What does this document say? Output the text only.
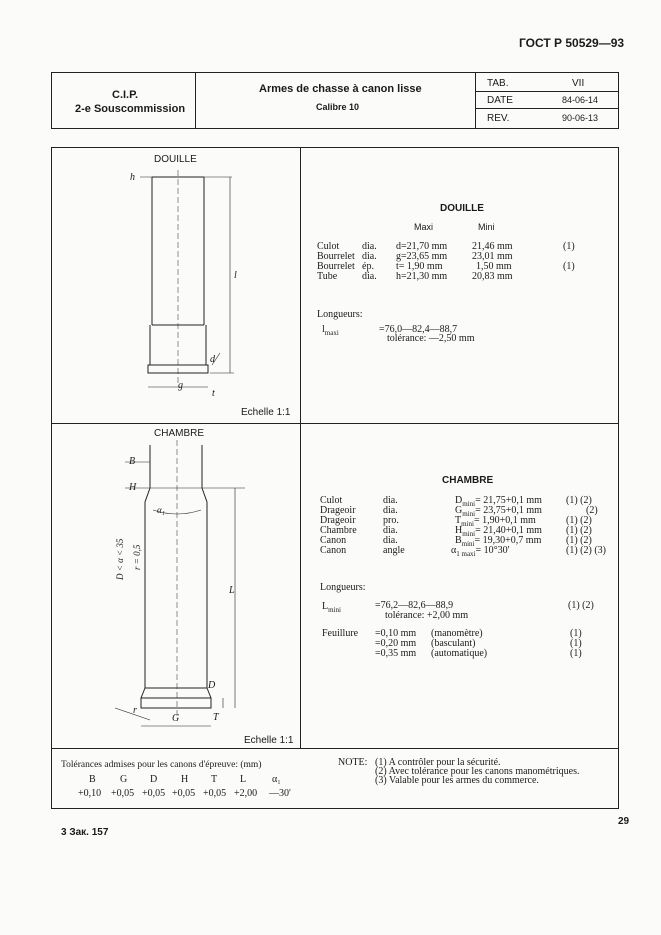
ГОСТ Р 50529—93
C.I.P.
2-e Souscommission
Armes de chasse à canon lisse
Calibre 10
TAB.	VII
DATE	84-06-14
REV.	90-06-13
DOUILLE
h
l
d
g
t
Echelle 1:1
DOUILLE
Maxi	Mini
Culot dia. d=21,70 mm 21,46 mm	(1)
Bourrelet dia. g=23,65 mm 23,01 mm
Bourrelet ép. t= 1,90 mm	1,50 mm	(1)
Tube dia. h=21,30 mm 20,83 mm
Longueurs:
$l_{maxi}$	=76,0—82,4—88,7
tolérance: —2,50 mm
CHAMBRE
B
H
α₁
L
D
G	T
r
D < α < 35 r = 0,5
Echelle 1:1
CHAMBRE
Culot	dia.	$D_{mini}= 21,75+0,1$ mm (1) (2)
Drageoir	dia.	$G_{mini}= 23,75+0,1$ mm	(2)
Drageoir	pro.	$T_{mini}= 1,90+0,1$ mm	(1) (2)
Chambre	dia.	$H_{mini}= 21,40+0,1$ mm (1) (2)
Canon	dia.	$B_{mini}= 19,30+0,7$ mm (1) (2)
Canon	angle	$\alpha_{1 maxi}= 10^\circ 30'$	(1) (2) (3)
Longueurs:
$L_{mini}$	=76,2—82,6—88,9	(1) (2)
tolérance: +2,00 mm
Feuillure =0,10 mm (manomètre)	(1)
=0,20 mm (basculant)	(1)
=0,35 mm (automatique)	(1)
Tolérances admises pour les canons d'épreuve: (mm)
B G D H T L	α₁
+0,10 +0,05 +0,05 +0,05 +0,05 +2,00 —30'
NOTE: (1) A contrôler pour la sécurité.
(2) Avec tolérance pour les canons manométriques.
(3) Valable pour les armes du commerce.
3 Зак. 157
29
